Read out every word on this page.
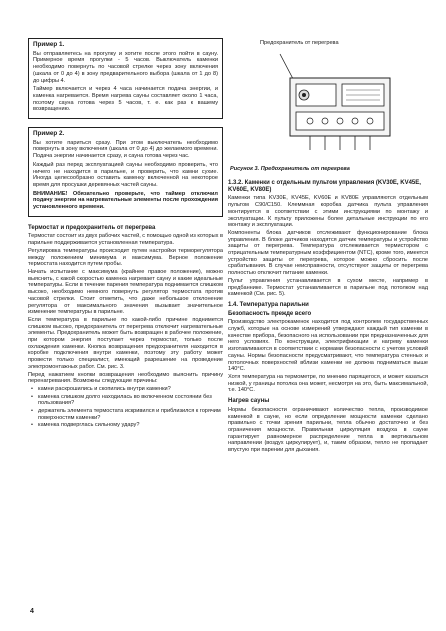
Пример 1.

Вы отправляетесь на прогулку и хотите после этого пойти в сауну. Примерное время прогулки - 5 часов. Выключатель каменки необходимо повернуть по часовой стрелке через зону включения (шкала от 0 до 4) в зону предварительного выбора (шкала от 1 до 8) до цифры 4.

Таймер включается и через 4 часа начинается подача энергии, и каменка нагревается. Время нагрева сауны составляет около 1 часа, поэтому сауна готова через 5 часов, т. е. как раз к вашему возвращению.

Пример 2.

Вы хотите париться сразу. При этом выключатель необходимо повернуть в зону включения (шкала от 0 до 4) до желаемого времени. Подача энергии начинается сразу, и сауна готова через час.

Каждый раз перед эксплуатацией сауны необходимо проверить, что ничего не находится в парильне, и проверить, что камни сухие. Иногда целесообразно оставить каменку включенной на некоторое время для просушки деревянных частей сауны.

ВНИМАНИЕ! Обязательно проверьте, что таймер отключил подачу энергии на нагревательные элементы после прохождения установленного времени.

Термостат и предохранитель от перегрева

Термостат состоит из двух рабочих частей, с помощью одной из которых в парильне поддерживается установленная температура.

Регулировка температуры происходит путем настройки терморегулятора между положением минимума и максимума. Верное положение термостата находится путем пробы.

Начать испытание с максимума (крайнее правое положение), можно выяснить, с какой скоростью каменка нагревает сауну и какие идеальные температуры. Если в течение парения температура поднимается слишком высоко, необходимо немного повернуть регулятор термостата против часовой стрелки. Стоит отметить, что даже небольшое отклонение регулятора от максимального значения вызывает значительное изменение температуры в парильне.

Если температура в парильне по какой-либо причине поднимется слишком высоко, предохранитель от перегрева отключит нагревательные элементы. Предохранитель может быть возвращен в рабочее положение, при котором энергия поступает через термостат, только после охлаждения каменки. Кнопка возвращения предохранителя находится в коробке подключения внутри каменки, поэтому эту работу может провести только специалист, имеющий разрешение на проведение электромонтажных работ. См. рис. 3.

Перед нажатием кнопки возвращения необходимо выяснить причину перенагревания. Возможны следующие причины:

• камни раскрошились и скопились внутри каменки?
• каменка слишком долго находилась во включенном состоянии без пользования?
• держатель элемента термостата искривился и приблизился к горячим поверхностям каменки?
• каменка подверглась сильному удару?
Предохранитель от перегрева
Рисунок 3. Предохранитель от перегрева
1.3.2. Каменки с отдельным пультом управления (KV30E, KV45E, KV60E, KV80E)

Каменки типа KV30E, KV45E, KV60E и KV80E управляются отдельным пультом C90/C150. Клеммная коробка датчика пульта управления монтируется в соответствии с этими инструкциями по монтажу и эксплуатации. К пульту приложены более детальные инструкции по его монтажу и эксплуатации.

Компоненты блока датчиков отслеживают функционирование блока управления. В блоке датчиков находятся датчик температуры и устройство защиты от перегрева. Температура отслеживается термистором с отрицательным температурным коэффициентом (NTC), кроме того, имеется устройство защиты от перегрева, которое можно сбросить после срабатывания. В случае неисправности, отсутствуют защиты от перегрева полностью отключит питание каменки.

Пульт управления устанавливается в сухом месте, например в предбаннике. Термостат устанавливается в парильне под потолком над каменкой (См. рис. 5).

1.4. Температура парильни
Безопасность прежде всего

Производство электрокаменок находится под контролем государственных служб, которые на основе измерений утверждают каждый тип каменки в качестве прибора, безопасного на использовании при предназначенных для него условиях. По конструкции, электрификации и нагреву каменки изготавливаются в соответствии с нормами безопасности с учетом условий сауны. Нормы безопасности предусматривают, что температура стенных и потолочных поверхностей вблизи каменки не должна подниматься выше 140°C.

Хотя температура на термометре, по мнению парящегося, и может казаться низкой, у границы потолка она может, несмотря на это, быть максимальной, т.е. 140°C.

Нагрев сауны

Нормы безопасности ограничивают количество тепла, производимое каменкой в сауне, но если определение мощности каменки сделано правильно с точки зрения парильни, тепла обычно достаточно и без ограничения мощности. Правильная циркуляция воздуха в сауне гарантирует равномерное распределение тепла в вертикальном направлении (воздух циркулирует), и, таким образом, тепло не пропадает впустую при парении для дыхания.

4
